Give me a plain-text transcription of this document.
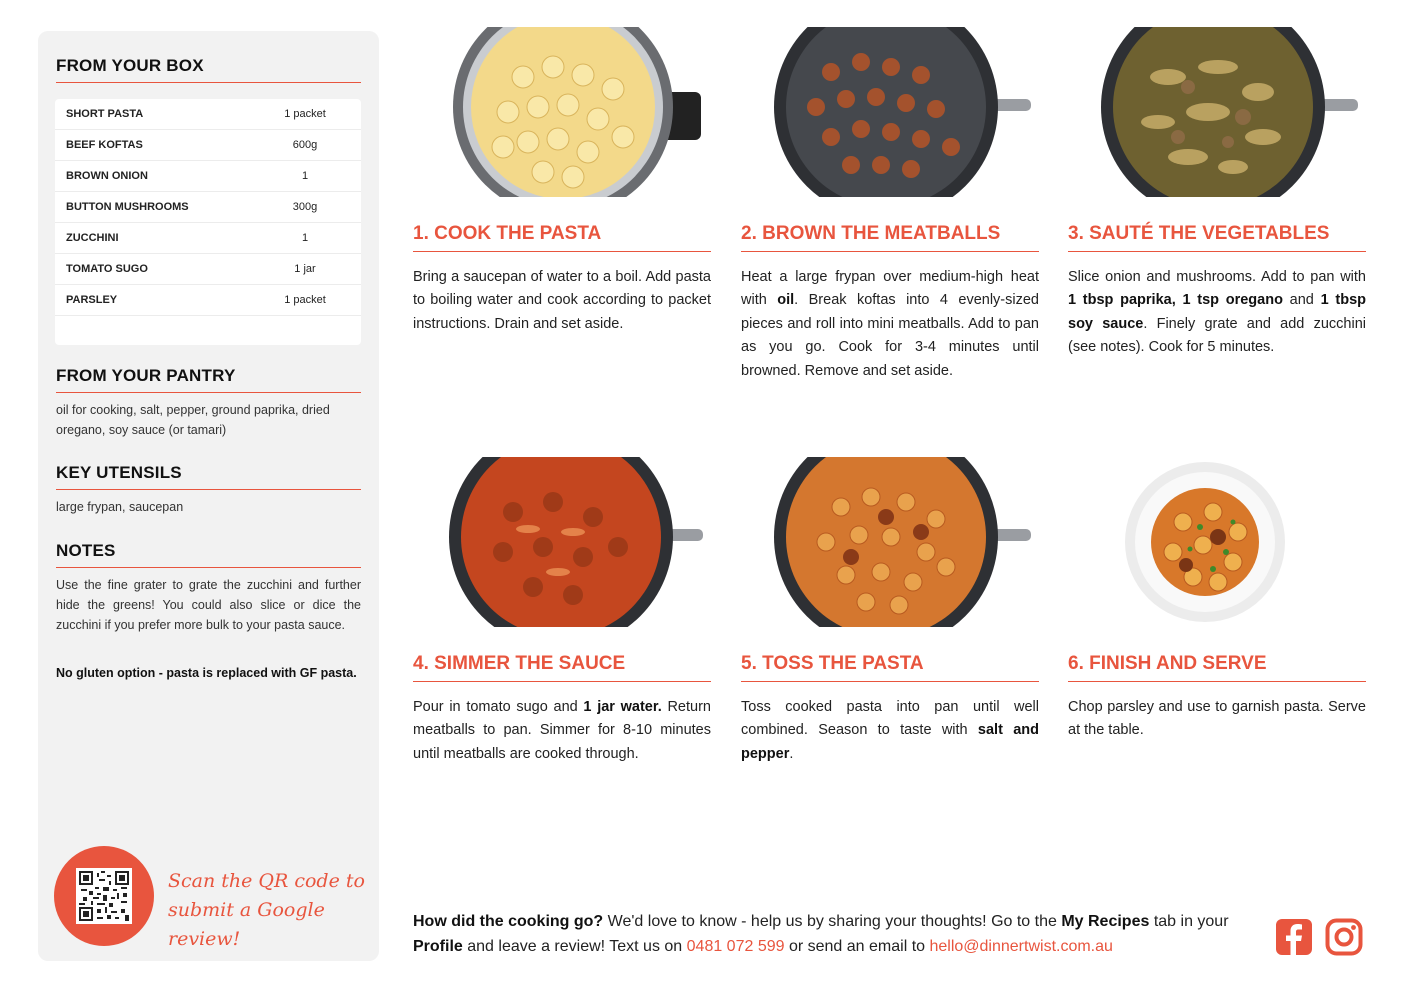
FROM YOUR BOX
SHORT PASTA	1 packet
BEEF KOFTAS	600g
BROWN ONION	1
BUTTON MUSHROOMS	300g
ZUCCHINI	1
TOMATO SUGO	1 jar
PARSLEY	1 packet
FROM YOUR PANTRY
oil for cooking, salt, pepper, ground paprika, dried oregano, soy sauce (or tamari)
KEY UTENSILS
large frypan, saucepan
NOTES
Use the fine grater to grate the zucchini and further hide the greens! You could also slice or dice the zucchini if you prefer more bulk to your pasta sauce.
No gluten option - pasta is replaced with GF pasta.
Scan the QR code to
submit a Google review!
1. COOK THE PASTA
Bring a saucepan of water to a boil. Add pasta to boiling water and cook according to packet instructions. Drain and set aside.
2. BROWN THE MEATBALLS
Heat a large frypan over medium-high heat with oil. Break koftas into 4 evenly-sized pieces and roll into mini meatballs. Add to pan as you go. Cook for 3-4 minutes until browned. Remove and set aside.
3. SAUTÉ THE VEGETABLES
Slice onion and mushrooms. Add to pan with 1 tbsp paprika, 1 tsp oregano and 1 tbsp soy sauce. Finely grate and add zucchini (see notes). Cook for 5 minutes.
4. SIMMER THE SAUCE
Pour in tomato sugo and 1 jar water. Return meatballs to pan. Simmer for 8-10 minutes until meatballs are cooked through.
5. TOSS THE PASTA
Toss cooked pasta into pan until well combined. Season to taste with salt and pepper.
6. FINISH AND SERVE
Chop parsley and use to garnish pasta. Serve at the table.
How did the cooking go? We'd love to know - help us by sharing your thoughts! Go to the My Recipes tab in your Profile and leave a review! Text us on 0481 072 599 or send an email to hello@dinnertwist.com.au
